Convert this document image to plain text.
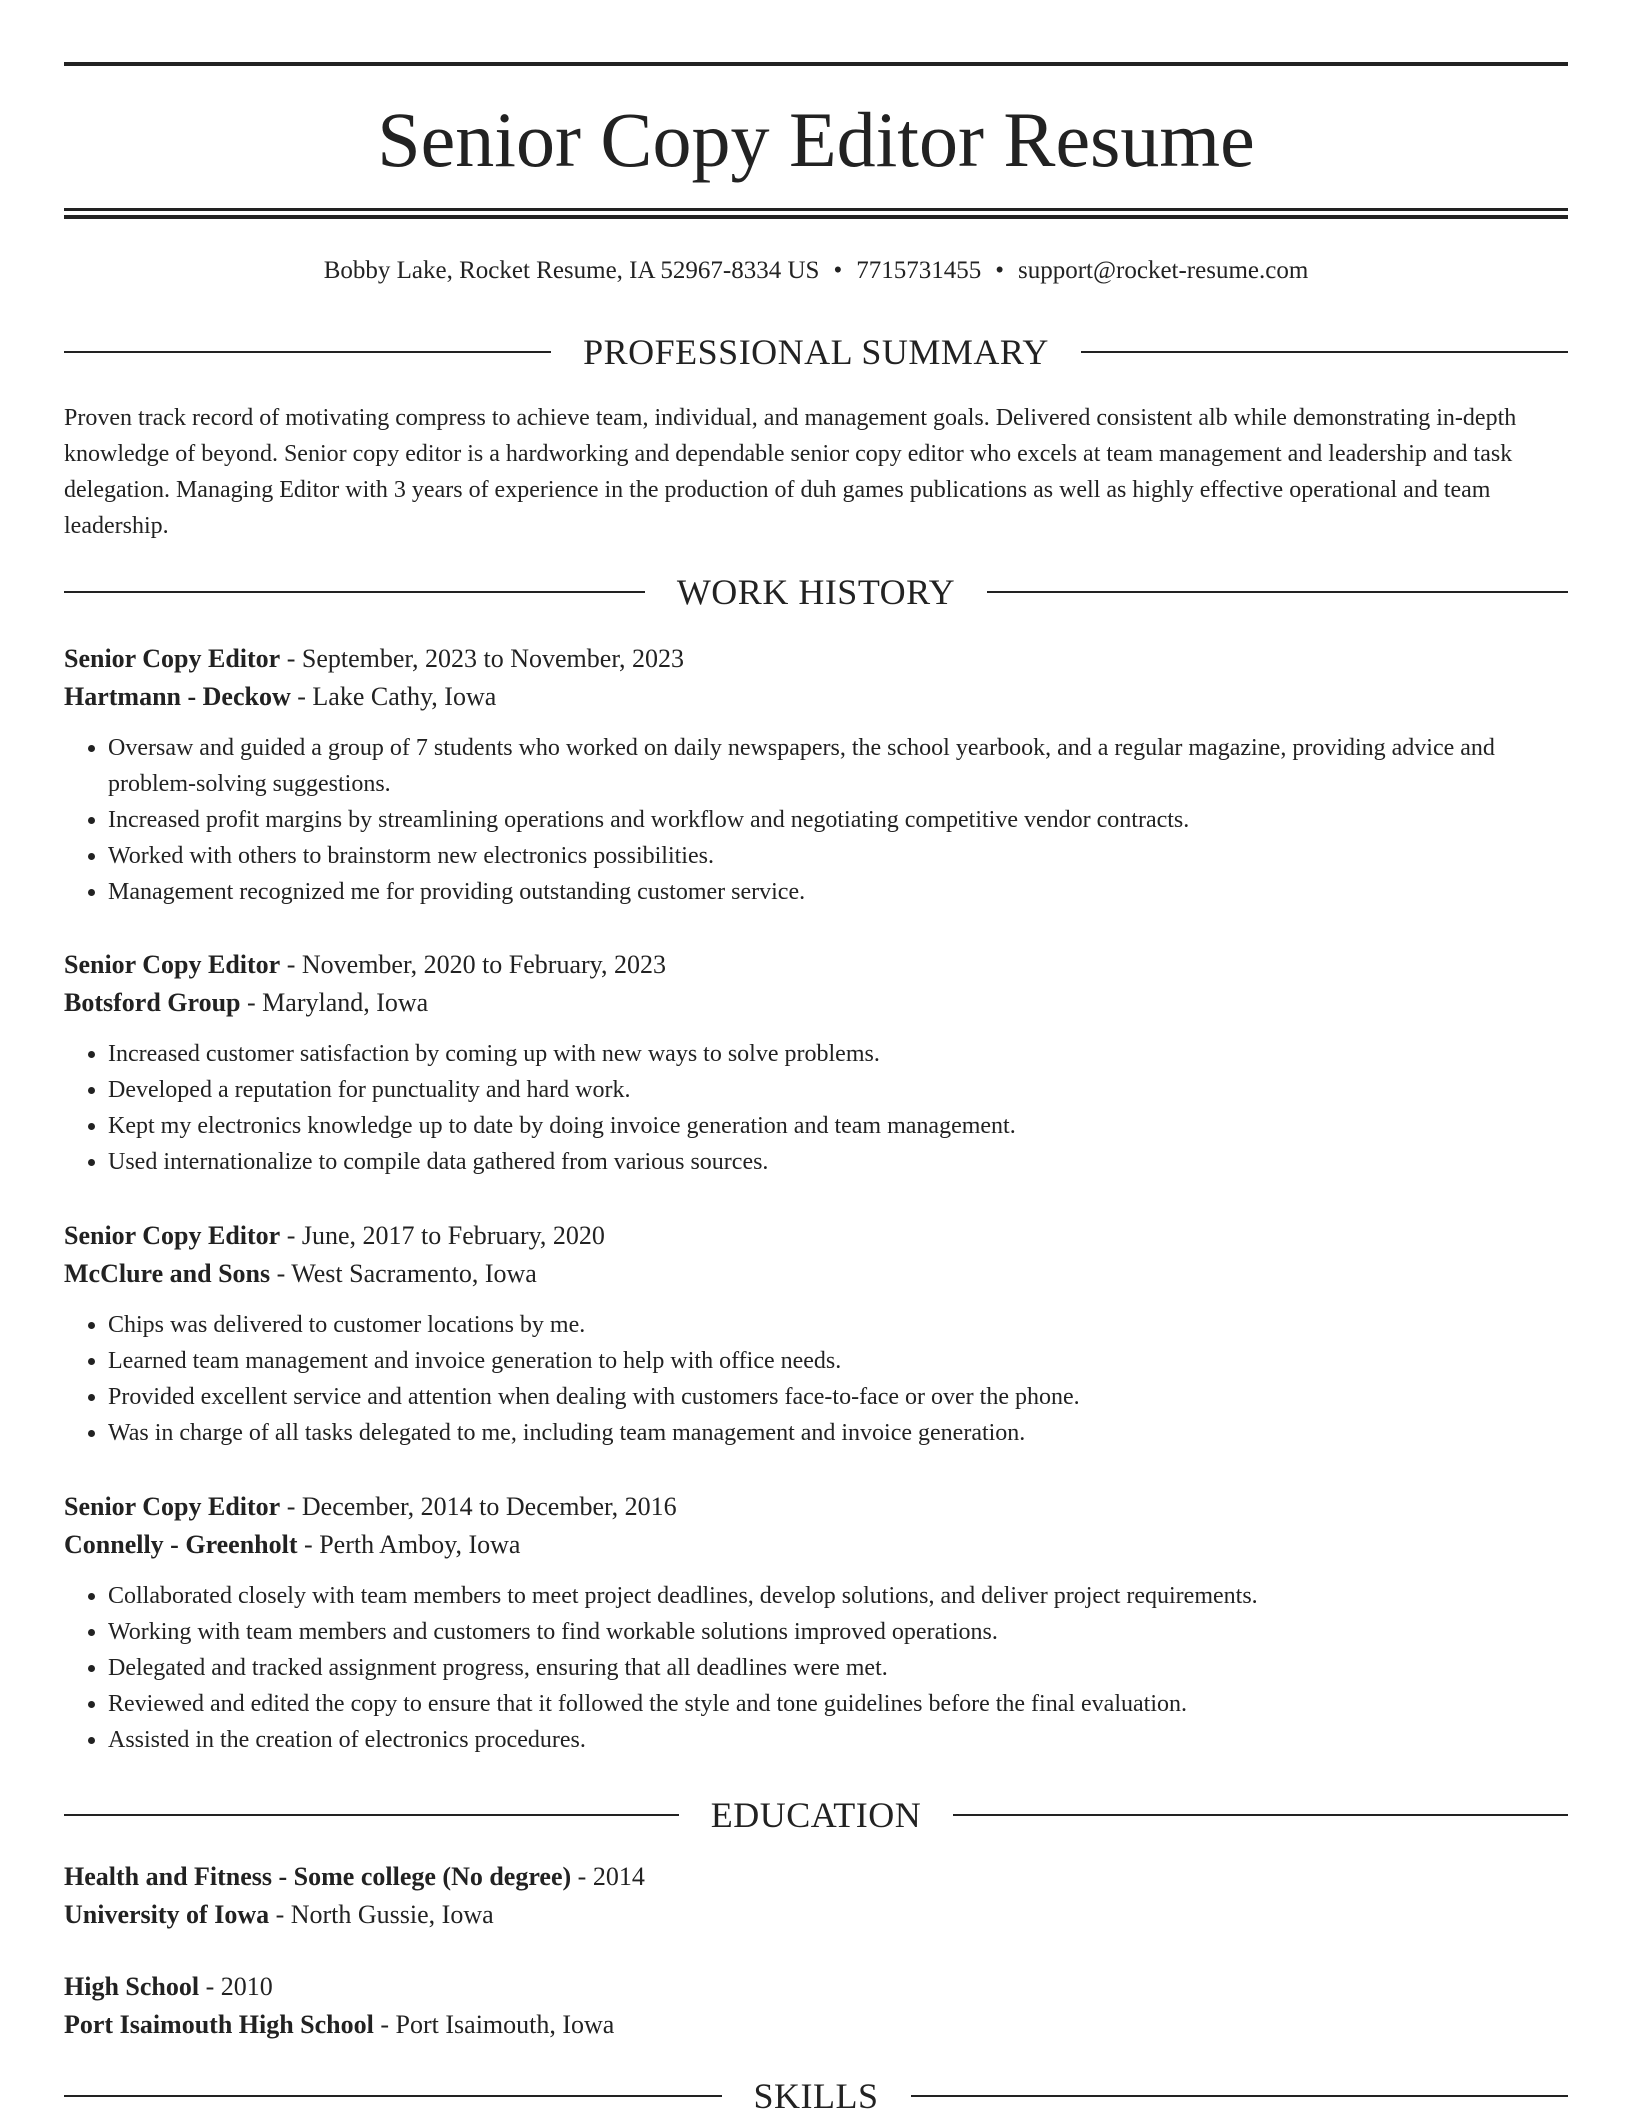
Senior Copy Editor Resume
Bobby Lake, Rocket Resume, IA 52967-8334 US • 7715731455 • support@rocket-resume.com
PROFESSIONAL SUMMARY

Proven track record of motivating compress to achieve team, individual, and management goals. Delivered consistent alb while demonstrating in-depth knowledge of beyond. Senior copy editor is a hardworking and dependable senior copy editor who excels at team management and leadership and task delegation. Managing Editor with 3 years of experience in the production of duh games publications as well as highly effective operational and team leadership.

WORK HISTORY
Senior Copy Editor - September, 2023 to November, 2023
Hartmann - Deckow - Lake Cathy, Iowa
• Oversaw and guided a group of 7 students who worked on daily newspapers, the school yearbook, and a regular magazine, providing advice and problem-solving suggestions.
• Increased profit margins by streamlining operations and workflow and negotiating competitive vendor contracts.
• Worked with others to brainstorm new electronics possibilities.
• Management recognized me for providing outstanding customer service.
Senior Copy Editor - November, 2020 to February, 2023
Botsford Group - Maryland, Iowa
• Increased customer satisfaction by coming up with new ways to solve problems.
• Developed a reputation for punctuality and hard work.
• Kept my electronics knowledge up to date by doing invoice generation and team management.
• Used internationalize to compile data gathered from various sources.
Senior Copy Editor - June, 2017 to February, 2020
McClure and Sons - West Sacramento, Iowa
• Chips was delivered to customer locations by me.
• Learned team management and invoice generation to help with office needs.
• Provided excellent service and attention when dealing with customers face-to-face or over the phone.
• Was in charge of all tasks delegated to me, including team management and invoice generation.
Senior Copy Editor - December, 2014 to December, 2016
Connelly - Greenholt - Perth Amboy, Iowa
• Collaborated closely with team members to meet project deadlines, develop solutions, and deliver project requirements.
• Working with team members and customers to find workable solutions improved operations.
• Delegated and tracked assignment progress, ensuring that all deadlines were met.
• Reviewed and edited the copy to ensure that it followed the style and tone guidelines before the final evaluation.
• Assisted in the creation of electronics procedures.
EDUCATION
Health and Fitness - Some college (No degree) - 2014
University of Iowa - North Gussie, Iowa
High School - 2010
Port Isaimouth High School - Port Isaimouth, Iowa
SKILLS
